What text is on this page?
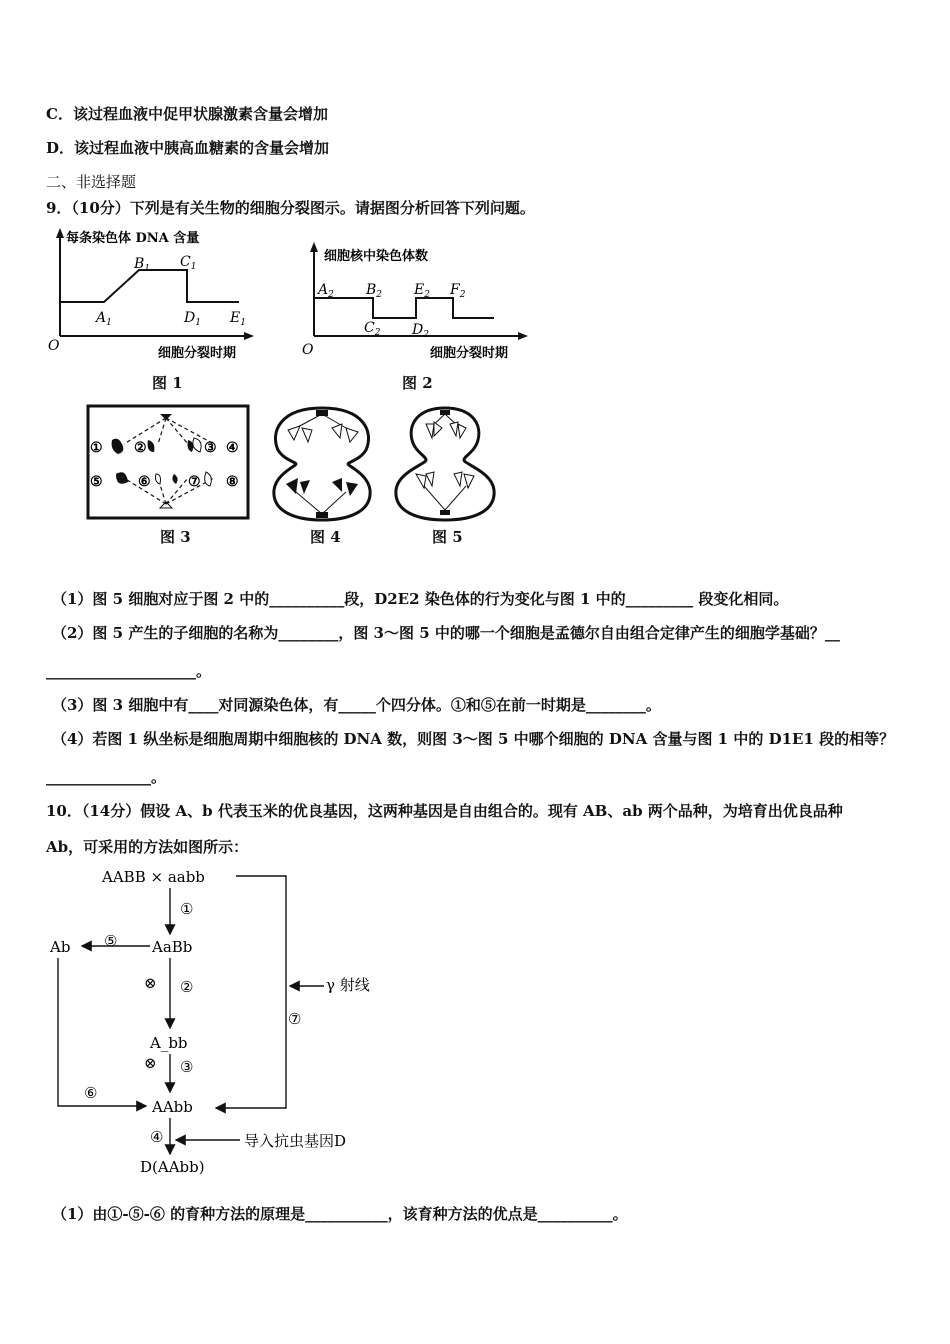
C．该过程血液中促甲状腺激素含量会增加
D．该过程血液中胰高血糖素的含量会增加
二、非选择题
9．（10分）下列是有关生物的细胞分裂图示。请据图分析回答下列问题。
每条染色体 DNA 含量
O
$A_1$
$B_1$ $C_1$
$D_1$ $E_1$
细胞分裂时期
图 1
细胞核中染色体数
O
$A_2$ $B_2$
$C_2$ $D_2$
$E_2$ $F_2$
细胞分裂时期
图 2
① ②	③ ④
⑤	⑥	⑦ ⑧
图 3	图 4	图 5
（1）图 5 细胞对应于图 2 中的__________段，D2E2 染色体的行为变化与图 1 中的_________ 段变化相同。
（2）图 5 产生的子细胞的名称为________，图 3～图 5 中的哪一个细胞是孟德尔自由组合定律产生的细胞学基础？__
____________________。
（3）图 3 细胞中有____对同源染色体，有_____个四分体。①和⑤在前一时期是________。
（4）若图 1 纵坐标是细胞周期中细胞核的 DNA 数，则图 3～图 5 中哪个细胞的 DNA 含量与图 1 中的 D1E1 段的相等？
______________。
10．（14分）假设 A、b 代表玉米的优良基因，这两种基因是自由组合的。现有 AB、ab 两个品种，为培育出优良品种
Ab，可采用的方法如图所示：
AABB × aabb
AaBb
A_bb
AAbb
D(AAbb)
Ab
γ 射线
导入抗虫基因D
①
②
③
④
⑤
⑥
⑦
⊗
⊗
（1）由①-⑤-⑥ 的育种方法的原理是___________，该育种方法的优点是__________。
